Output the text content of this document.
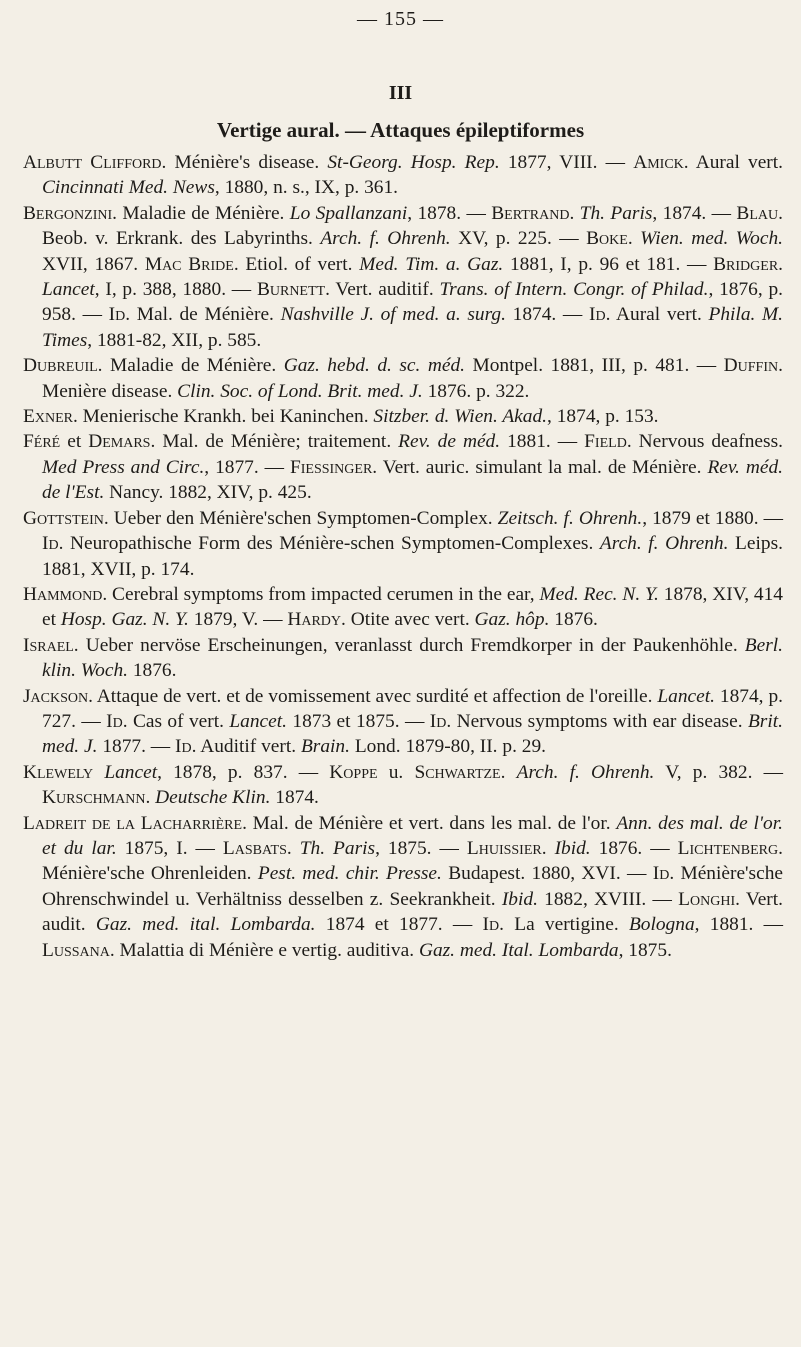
— 155 —
III
Vertige aural. — Attaques épileptiformes

Albutt Clifford. Ménière's disease. St-Georg. Hosp. Rep. 1877, VIII. — Amick. Aural vert. Cincinnati Med. News, 1880, n. s., IX, p. 361.

Bergonzini. Maladie de Ménière. Lo Spallanzani, 1878. — Bertrand. Th. Paris, 1874. — Blau. Beob. v. Erkrank. des Labyrinths. Arch. f. Ohrenh. XV, p. 225. — Boke. Wien. med. Woch. XVII, 1867. Mac Bride. Etiol. of vert. Med. Tim. a. Gaz. 1881, I, p. 96 et 181. — Bridger. Lancet, I, p. 388, 1880. — Burnett. Vert. auditif. Trans. of Intern. Congr. of Philad., 1876, p. 958. — Id. Mal. de Ménière. Nashville J. of med. a. surg. 1874. — Id. Aural vert. Phila. M. Times, 1881-82, XII, p. 585.

Dubreuil. Maladie de Ménière. Gaz. hebd. d. sc. méd. Montpel. 1881, III, p. 481. — Duffin. Menière disease. Clin. Soc. of Lond. Brit. med. J. 1876. p. 322.

Exner. Menierische Krankh. bei Kaninchen. Sitzber. d. Wien. Akad., 1874, p. 153.

Féré et Demars. Mal. de Ménière; traitement. Rev. de méd. 1881. — Field. Nervous deafness. Med Press and Circ., 1877. — Fiessinger. Vert. auric. simulant la mal. de Ménière. Rev. méd. de l'Est. Nancy. 1882, XIV, p. 425.

Gottstein. Ueber den Ménière'schen Symptomen-Complex. Zeitsch. f. Ohrenh., 1879 et 1880. — Id. Neuropathische Form des Ménière-schen Symptomen-Complexes. Arch. f. Ohrenh. Leips. 1881, XVII, p. 174.

Hammond. Cerebral symptoms from impacted cerumen in the ear, Med. Rec. N. Y. 1878, XIV, 414 et Hosp. Gaz. N. Y. 1879, V. — Hardy. Otite avec vert. Gaz. hôp. 1876.

Israel. Ueber nervöse Erscheinungen, veranlasst durch Fremdkorper in der Paukenhöhle. Berl. klin. Woch. 1876.

Jackson. Attaque de vert. et de vomissement avec surdité et affection de l'oreille. Lancet. 1874, p. 727. — Id. Cas of vert. Lancet. 1873 et 1875. — Id. Nervous symptoms with ear disease. Brit. med. J. 1877. — Id. Auditif vert. Brain. Lond. 1879-80, II. p. 29.

Klewely Lancet, 1878, p. 837. — Koppe u. Schwartze. Arch. f. Ohrenh. V, p. 382. — Kurschmann. Deutsche Klin. 1874.

Ladreit de la Lacharrière. Mal. de Ménière et vert. dans les mal. de l'or. Ann. des mal. de l'or. et du lar. 1875, I. — Lasbats. Th. Paris, 1875. — Lhuissier. Ibid. 1876. — Lichtenberg. Ménière'sche Ohrenleiden. Pest. med. chir. Presse. Budapest. 1880, XVI. — Id. Ménière'sche Ohrenschwindel u. Verhältniss desselben z. Seekrankheit. Ibid. 1882, XVIII. — Longhi. Vert. audit. Gaz. med. ital. Lombarda. 1874 et 1877. — Id. La vertigine. Bologna, 1881. — Lussana. Malattia di Ménière e vertig. auditiva. Gaz. med. Ital. Lombarda, 1875.
